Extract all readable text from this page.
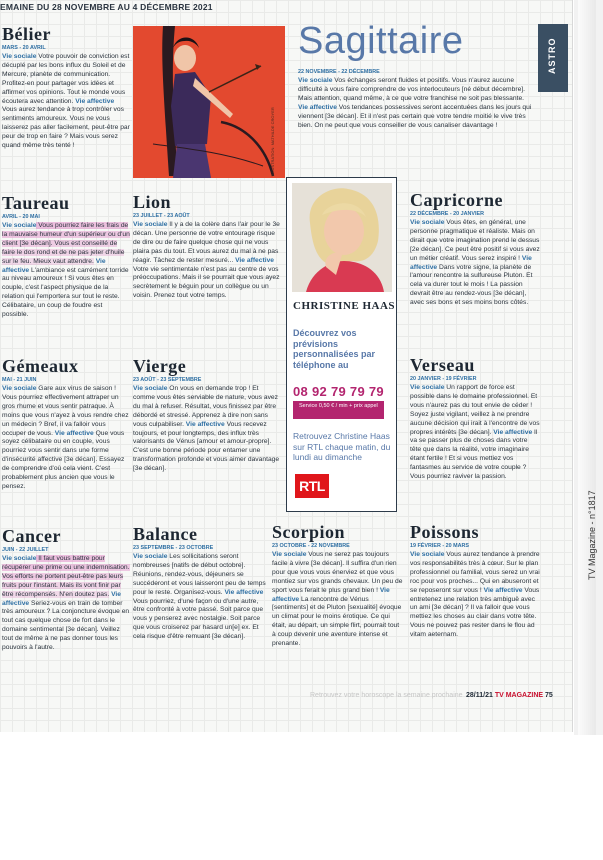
EMAINE DU 28 NOVEMBRE AU 4 DÉCEMBRE 2021
ILLUSTRATION: MATHILDE CROYER
Sagittaire	ASTRO
22 NOVEMBRE - 22 DÉCEMBRE

Vie sociale Vos échanges seront fluides et positifs. Vous n'aurez aucune difficulté à vous faire comprendre de vos interlocuteurs [né début décembre]. Mais attention, quand même, à ce que votre franchise ne soit pas blessante.
Vie affective Vos tendances possessives seront accentuées dans les jours qui viennent [3e décan]. Et il n'est pas certain que votre tendre moitié le vive très bien. On ne peut que vous conseiller de vous canaliser davantage !

Bélier
MARS - 20 AVRIL

Vie sociale Votre pouvoir de conviction est décuplé par les bons influx du Soleil et de Mercure, planète de communication. Profitez-en pour partager vos idées et affirmer vos opinions. Tout le monde vous écoutera avec attention. Vie affective Vous aurez tendance à trop contrôler vos sentiments amoureux. Vous ne vous laisserez pas aller facilement, peut-être par peur de trop en faire ? Mais vous serez quand même très tenté !

Taureau
AVRIL - 20 MAI

Vie sociale Vous pourriez faire les frais de la mauvaise humeur d'un supérieur ou d'un client [3e décan]. Vous est conseillé de faire le dos rond et de ne pas jeter d'huile sur le feu. Mieux vaut attendre. Vie affective L'ambiance est carrément torride au niveau amoureux ! Si vous êtes en couple, c'est l'aspect physique de la relation qui l'emportera sur tout le reste. Célibataire, un coup de foudre est possible.

Gémeaux
MAI - 21 JUIN

Vie sociale Gare aux virus de saison ! Vous pourriez effectivement attraper un gros rhume et vous sentir patraque. À moins que vous n'ayez à vous rendre chez un médecin ? Bref, il va falloir vous occuper de vous. Vie affective Que vous soyez célibataire ou en couple, vous pourriez vous sentir dans une forme d'insécurité affective [3e décan]. Essayez de comprendre d'où cela vient. C'est probablement plus ancien que vous le pensez.

Cancer
JUIN - 22 JUILLET

Vie sociale Il faut vous battre pour récupérer une prime ou une indemnisation. Vos efforts ne portent peut-être pas leurs fruits pour l'instant. Mais ils vont finir par être récompensés. N'en doutez pas. Vie affective Seriez-vous en train de tomber très amoureux ? La conjoncture évoque en tout cas quelque chose de fort dans le domaine sentimental [3e décan]. Veillez tout de même à ne pas donner tous les pouvoirs à l'autre.

Lion
23 JUILLET - 23 AOÛT

Vie sociale Il y a de la colère dans l'air pour le 3e décan. Une personne de votre entourage risque de dire ou de faire quelque chose qui ne vous plaira pas du tout. Et vous aurez du mal à ne pas réagir. Tâchez de rester mesuré... Vie affective Votre vie sentimentale n'est pas au centre de vos préoccupations. Mais il se pourrait que vous ayez secrètement le béguin pour un collègue ou un voisin. Prenez tout votre temps.

Vierge
23 AOÛT - 23 SEPTEMBRE

Vie sociale On vous en demande trop ! Et comme vous êtes serviable de nature, vous avez du mal à refuser. Résultat, vous finissez par être débordé et stressé. Apprenez à dire non sans vous culpabiliser. Vie affective Vous recevez toujours, et pour longtemps, des influx très valorisants de Vénus [amour et amour-propre]. C'est une bonne période pour entamer une transformation profonde et vous aimer davantage [3e décan].

Balance
23 SEPTEMBRE - 23 OCTOBRE

Vie sociale Les sollicitations seront nombreuses [natifs de début octobre]. Réunions, rendez-vous, déjeuners se succéderont et vous laisseront peu de temps pour le reste. Organisez-vous. Vie affective Vous pourriez, d'une façon ou d'une autre, être confronté à votre passé. Soit parce que vous y penserez avec nostalgie. Soit parce que vous croiserez par hasard un[e] ex. Et cela risque d'être remuant [3e décan].

CHRISTINE HAAS
Découvrez vos prévisions personnalisées par téléphone au
08 92 79 79 79
Service 0,50 € / min + prix appel
Retrouvez Christine Haas sur RTL chaque matin, du lundi au dimanche
RTL
Scorpion
23 OCTOBRE - 22 NOVEMBRE

Vie sociale Vous ne serez pas toujours facile à vivre [3e décan]. Il suffira d'un rien pour que vous vous énerviez et que vous montiez sur vos grands chevaux. Un peu de sport vous ferait le plus grand bien ! Vie affective La rencontre de Vénus [sentiments] et de Pluton [sexualité] évoque un climat pour le moins érotique. Ce qui était, au départ, un simple flirt, pourrait tout à coup devenir une aventure intense et prenante.

Capricorne
22 DÉCEMBRE - 20 JANVIER

Vie sociale Vous êtes, en général, une personne pragmatique et réaliste. Mais on dirait que votre imagination prend le dessus [2e décan]. Ce peut être positif si vous avez un métier créatif. Vous serez inspiré ! Vie affective Dans votre signe, la planète de l'amour rencontre la sulfureuse Pluton. Et cela va durer tout le mois ! La passion devrait être au rendez-vous [3e décan], avec ses bons et ses moins bons côtés.

Verseau
20 JANVIER - 19 FÉVRIER

Vie sociale Un rapport de force est possible dans le domaine professionnel. Et vous n'aurez pas du tout envie de céder ! Soyez juste vigilant, veillez à ne prendre aucune décision qui irait à l'encontre de vos propres intérêts [3e décan]. Vie affective Il va se passer plus de choses dans votre tête que dans la réalité, votre imaginaire étant fertile ! Et si vous mettiez vos fantasmes au service de votre couple ? Vous pourriez raviver la passion.

Poissons
19 FÉVRIER - 20 MARS

Vie sociale Vous aurez tendance à prendre vos responsabilités très à cœur. Sur le plan professionnel ou familial, vous serez un vrai roc pour vos proches... Qui en abuseront et se reposeront sur vous ! Vie affective Vous entretenez une relation très ambiguë avec un ami [3e décan] ? Il va falloir que vous mettiez les choses au clair dans votre tête. Vous ne pouvez pas rester dans le flou ad vitam aeternam.

Retrouvez votre horoscope la semaine prochaine 28/11/21 TV MAGAZINE 75
TV Magazine - n°1817
